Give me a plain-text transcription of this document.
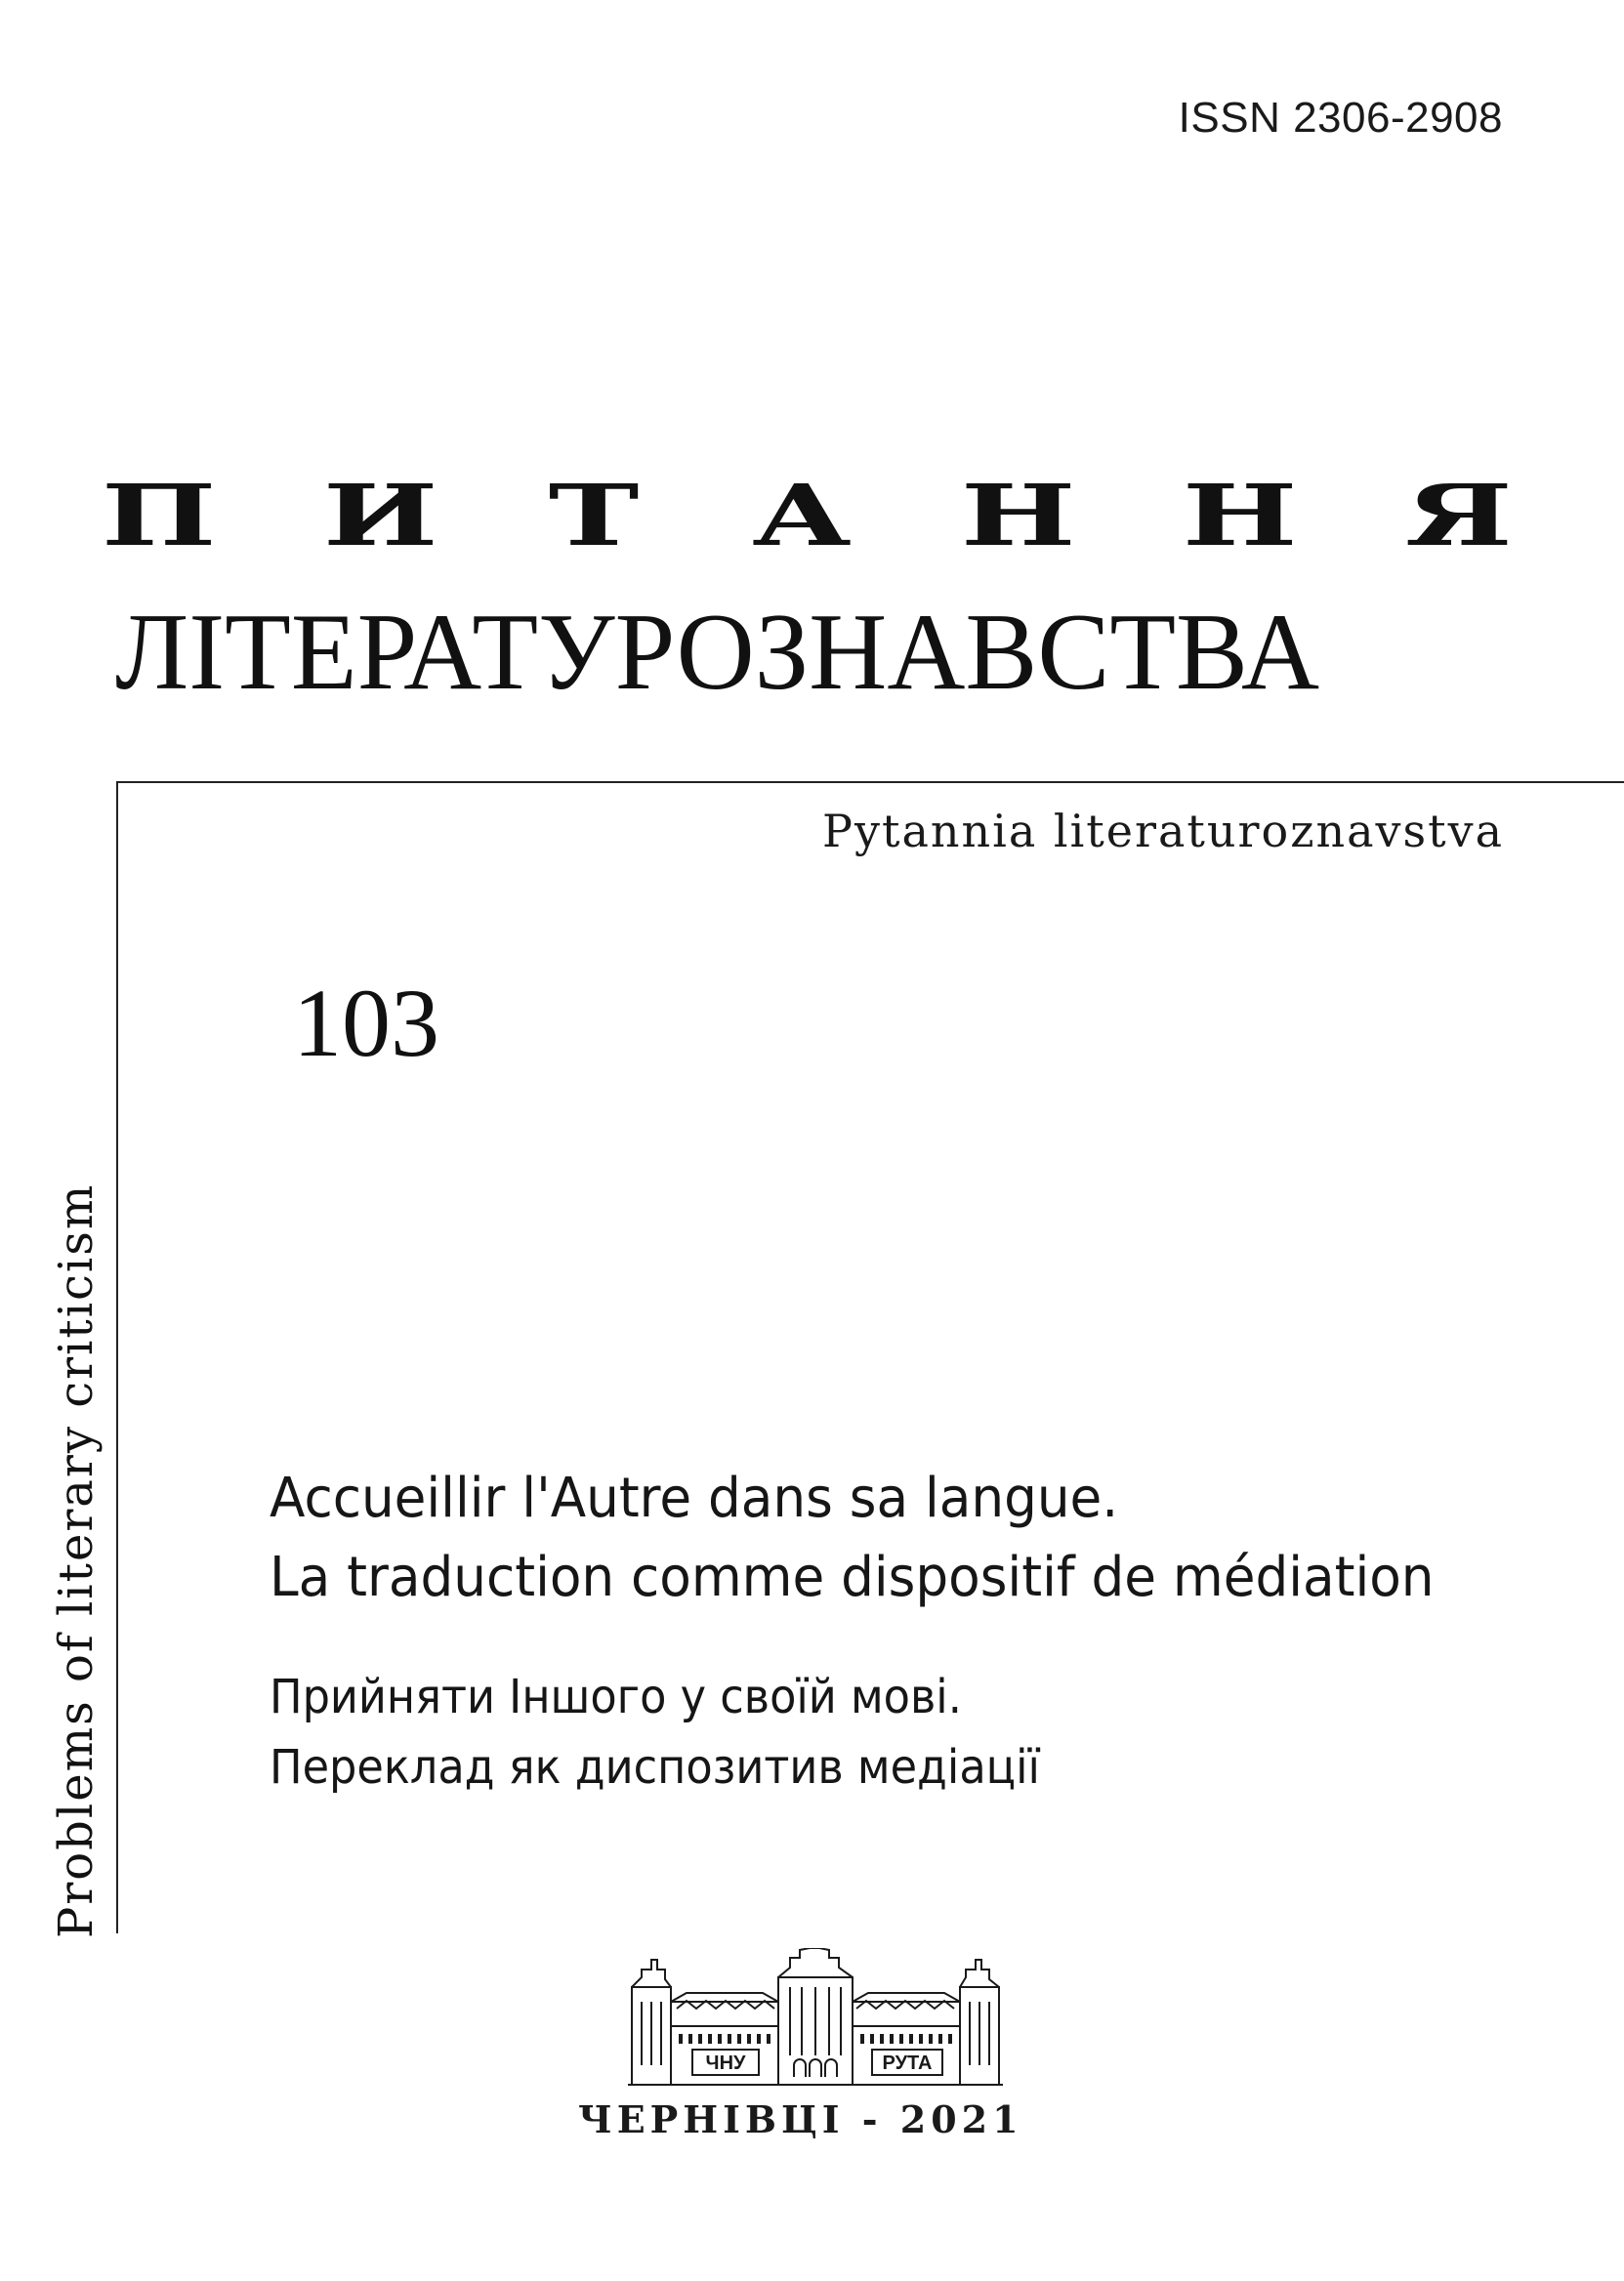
ISSN 2306-2908
П И Т А Н Н Я
ЛІТЕРАТУРОЗНАВСТВА
Pytannia literaturoznavstva
103
Problems of literary criticism	Accueillir l'Autre dans sa langue.
La traduction comme dispositif de médiation
Прийняти Іншого у своїй мові.
Переклад як диспозитив медіації
ЧНУ	РУТА
ЧЕРНІВЦІ - 2021
